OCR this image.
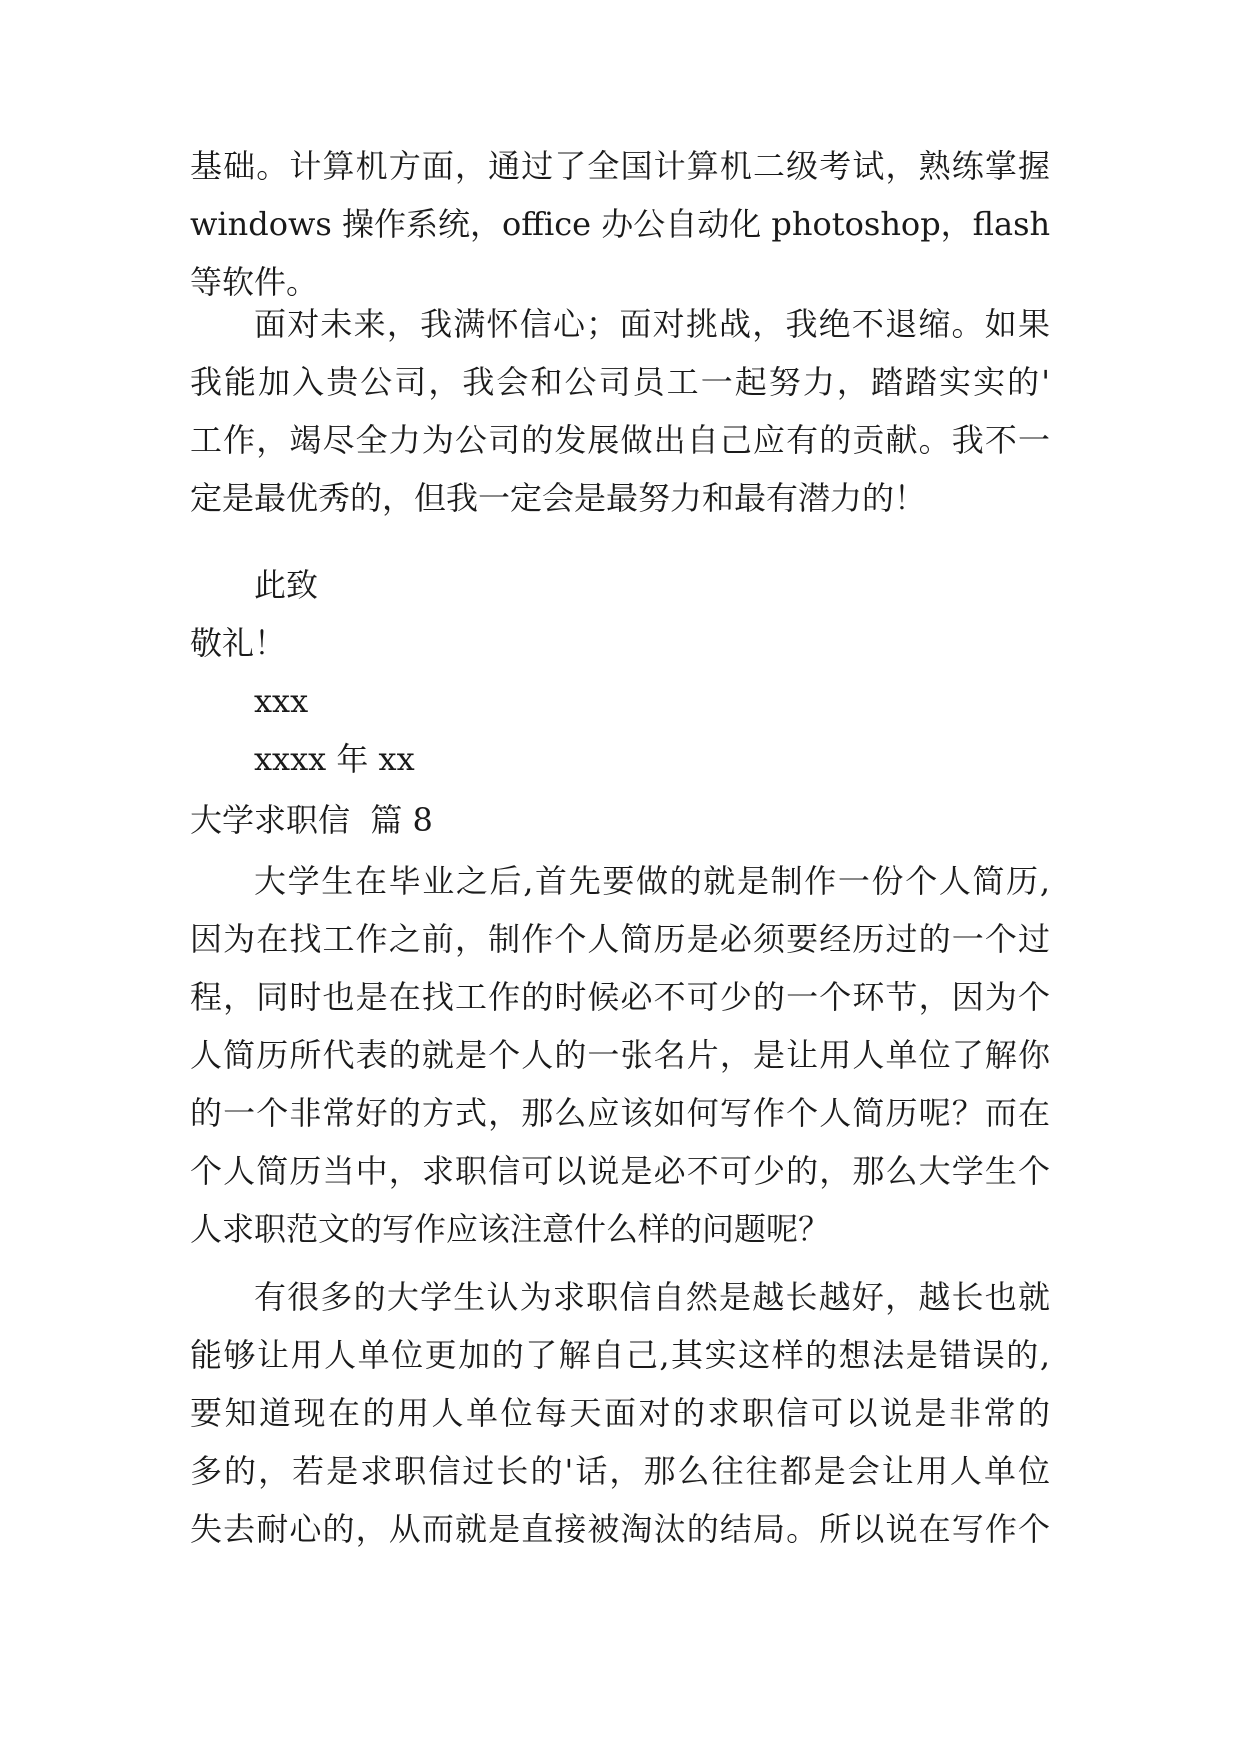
基础。计算机方面，通过了全国计算机二级考试，熟练掌握
windows 操作系统，office 办公自动化 photoshop，flash
等软件。
面对未来，我满怀信心；面对挑战，我绝不退缩。如果
我能加入贵公司，我会和公司员工一起努力，踏踏实实的'
工作，竭尽全力为公司的发展做出自己应有的贡献。我不一
定是最优秀的，但我一定会是最努力和最有潜力的！
此致
敬礼！
xxx
xxxx 年 xx
大学求职信  篇 8
大学生在毕业之后,首先要做的就是制作一份个人简历,
因为在找工作之前，制作个人简历是必须要经历过的一个过
程，同时也是在找工作的时候必不可少的一个环节，因为个
人简历所代表的就是个人的一张名片，是让用人单位了解你
的一个非常好的方式，那么应该如何写作个人简历呢？而在
个人简历当中，求职信可以说是必不可少的，那么大学生个
人求职范文的写作应该注意什么样的问题呢？
有很多的大学生认为求职信自然是越长越好，越长也就
能够让用人单位更加的了解自己,其实这样的想法是错误的,
要知道现在的用人单位每天面对的求职信可以说是非常的
多的，若是求职信过长的'话，那么往往都是会让用人单位
失去耐心的，从而就是直接被淘汰的结局。所以说在写作个
